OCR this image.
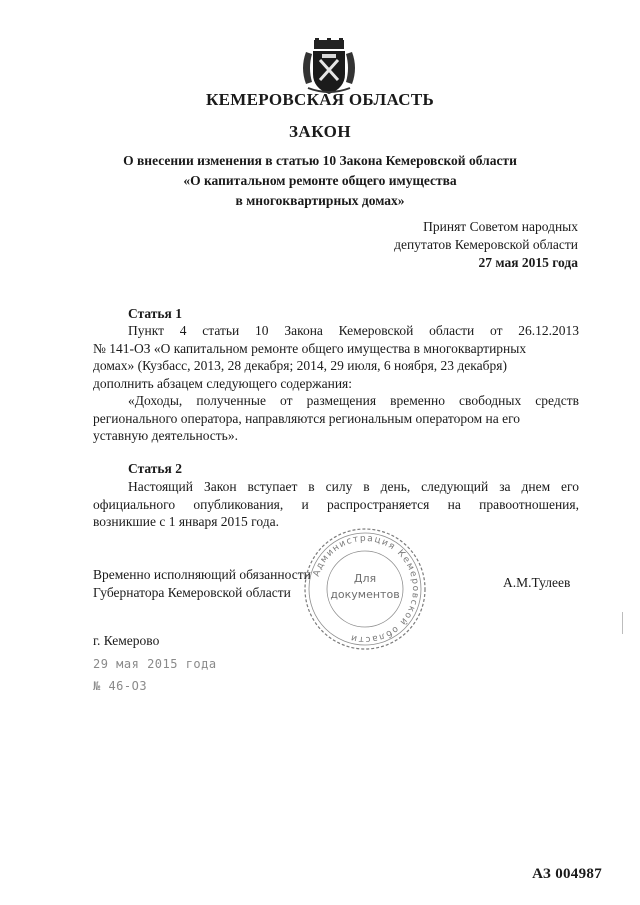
КЕМЕРОВСКАЯ ОБЛАСТЬ
ЗАКОН
О внесении изменения в статью 10 Закона Кемеровской области
«О капитальном ремонте общего имущества
в многоквартирных домах»
Принят Советом народных
депутатов Кемеровской области
27 мая 2015 года
Статья 1
Пункт 4 статьи 10 Закона Кемеровской области от 26.12.2013
№ 141-ОЗ «О капитальном ремонте общего имущества в многоквартирных
домах» (Кузбасс, 2013, 28 декабря; 2014, 29 июля, 6 ноября, 23 декабря)
дополнить абзацем следующего содержания:
«Доходы, полученные от размещения временно свободных средств
регионального оператора, направляются региональным оператором на его
уставную деятельность».
Статья 2
Настоящий Закон вступает в силу в день, следующий за днем его
официального опубликования, и распространяется на правоотношения,
возникшие с 1 января 2015 года.
Временно исполняющий обязанности
Губернатора Кемеровской области
А.М.Тулеев
Администрация Кемеровской области
Для
документов
г. Кемерово
29 мая 2015 года
№ 46-ОЗ
АЗ 004987
